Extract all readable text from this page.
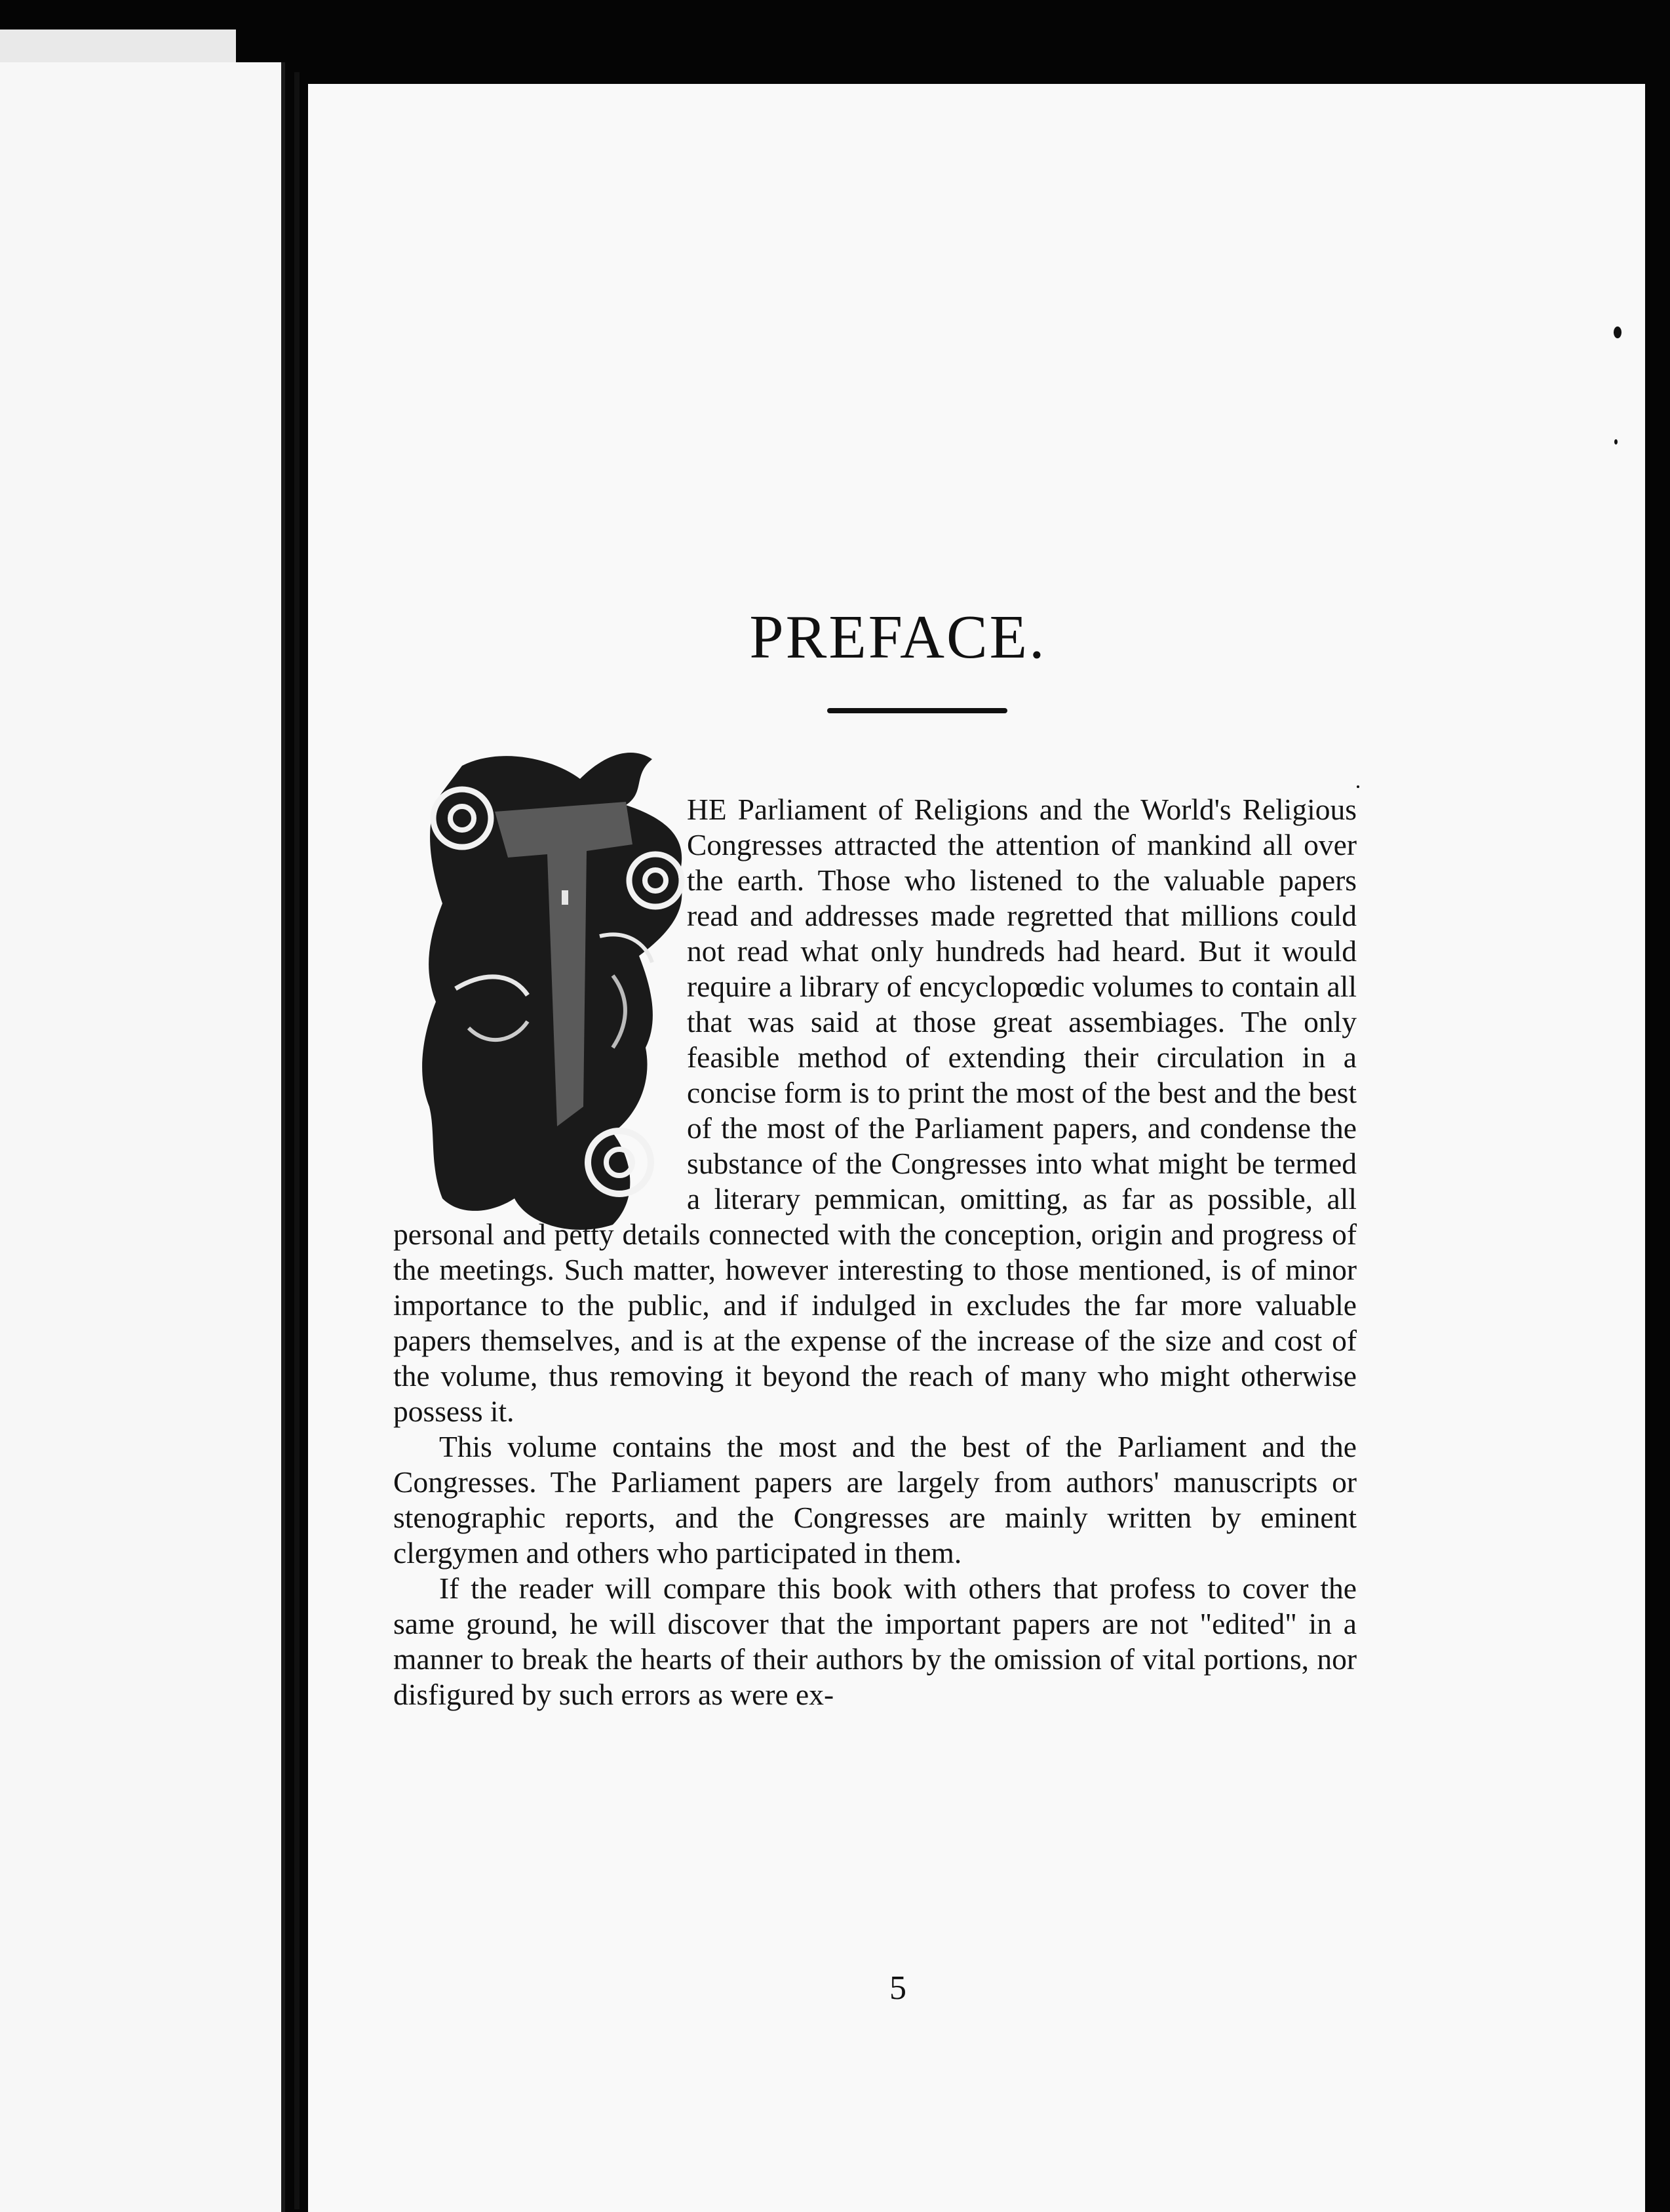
PREFACE.

HE Parliament of Religions and the World's Religious Congresses attracted the attention of mankind all over the earth. Those who listened to the valuable papers read and addresses made regretted that millions could not read what only hundreds had heard. But it would require a library of encyclopœdic volumes to contain all that was said at those great assembiages. The only feasible method of extending their circulation in a concise form is to print the most of the best and the best of the most of the Parliament papers, and condense the substance of the Congresses into what might be termed a literary pemmican, omitting, as far as possible, all personal and petty details connected with the conception, origin and progress of the meetings. Such matter, however interesting to those mentioned, is of minor importance to the public, and if indulged in excludes the far more valuable papers themselves, and is at the expense of the increase of the size and cost of the volume, thus removing it beyond the reach of many who might otherwise possess it.

This volume contains the most and the best of the Parliament and the Congresses. The Parliament papers are largely from authors' manuscripts or stenographic reports, and the Congresses are mainly written by eminent clergymen and others who participated in them.

If the reader will compare this book with others that profess to cover the same ground, he will discover that the important papers are not "edited" in a manner to break the hearts of their authors by the omission of vital portions, nor disfigured by such errors as were ex-

5
